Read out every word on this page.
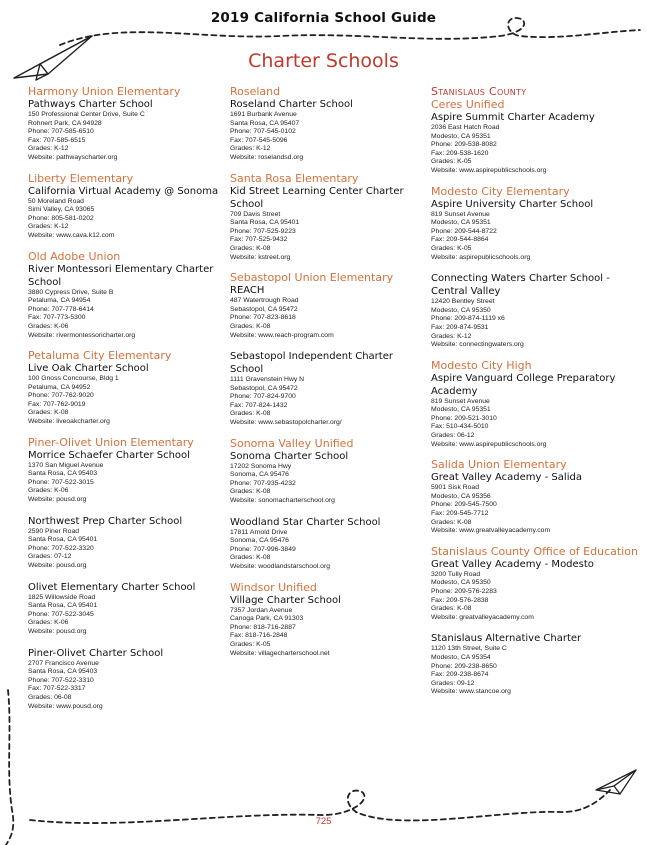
2019 California School Guide
Charter Schools
Harmony Union Elementary
Pathways Charter School
150 Professional Center Drive, Suite C
Rohnert Park, CA 94928
Phone: 707-585-6510
Fax: 707-585-6515
Grades: K-12
Website: pathwayscharter.org
Liberty Elementary
California Virtual Academy @ Sonoma
50 Moreland Road
Simi Valley, CA 93065
Phone: 805-581-0202
Grades: K-12
Website: www.cava.k12.com
Old Adobe Union
River Montessori Elementary Charter School
3880 Cypress Drive, Suite B
Petaluma, CA 94954
Phone: 707-778-6414
Fax: 707-773-5300
Grades: K-06
Website: rivermontessoricharter.org
Petaluma City Elementary
Live Oak Charter School
100 Gnoss Concourse, Bldg 1
Petaluma, CA 94952
Phone: 707-762-9020
Fax: 707-762-9019
Grades: K-08
Website: liveoakcharter.org
Piner-Olivet Union Elementary
Morrice Schaefer Charter School
1370 San Miguel Avenue
Santa Rosa, CA 95403
Phone: 707-522-3015
Grades: K-06
Website: pousd.org
Northwest Prep Charter School
2590 Piner Road
Santa Rosa, CA 95401
Phone: 707-522-3320
Grades: 07-12
Website: pousd.org
Olivet Elementary Charter School
1825 Willowside Road
Santa Rosa, CA 95401
Phone: 707-522-3045
Grades: K-06
Website: pousd.org
Piner-Olivet Charter School
2707 Francisco Avenue
Santa Rosa, CA 95403
Phone: 707-522-3310
Fax: 707-522-3317
Grades: 06-08
Website: www.pousd.org
Roseland
Roseland Charter School
1691 Burbank Avenue
Santa Rosa, CA 95407
Phone: 707-545-0102
Fax: 707-545-5096
Grades: K-12
Website: roselandsd.org
Santa Rosa Elementary
Kid Street Learning Center Charter School
709 Davis Street
Santa Rosa, CA 95401
Phone: 707-525-9223
Fax: 707-525-9432
Grades: K-08
Website: kstreet.org
Sebastopol Union Elementary
REACH
487 Watertrough Road
Sebastopol, CA 95472
Phone: 707-823-8618
Grades: K-08
Website: www.reach-program.com
Sebastopol Independent Charter School
1111 Gravenstein Hwy N
Sebastopol, CA 95472
Phone: 707-824-9700
Fax: 707-824-1432
Grades: K-08
Website: www.sebastopolcharter.org/
Sonoma Valley Unified
Sonoma Charter School
17202 Sonoma Hwy
Sonoma, CA 95476
Phone: 707-935-4232
Grades: K-08
Website: sonomacharterschool.org
Woodland Star Charter School
17811 Arnold Drive
Sonoma, CA 95476
Phone: 707-996-3849
Grades: K-08
Website: woodlandstarschool.org
Windsor Unified
Village Charter School
7357 Jordan Avenue
Canoga Park, CA 91303
Phone: 818-716-2887
Fax: 818-716-2848
Grades: K-05
Website: villagecharterschool.net
Stanislaus County
Ceres Unified
Aspire Summit Charter Academy
2036 East Hatch Road
Modesto, CA 95351
Phone: 209-538-8082
Fax: 209-538-1620
Grades: K-05
Website: www.aspirepublicschools.org
Modesto City Elementary
Aspire University Charter School
819 Sunset Avenue
Modesto, CA 95351
Phone: 209-544-8722
Fax: 209-544-8864
Grades: K-05
Website: aspirepublicschools.org
Connecting Waters Charter School - Central Valley
12420 Bentley Street
Modesto, CA 95350
Phone: 209-874-1119 x6
Fax: 209-874-9531
Grades: K-12
Website: connectingwaters.org
Modesto City High
Aspire Vanguard College Preparatory Academy
819 Sunset Avenue
Modesto, CA 95351
Phone: 209-521-3010
Fax: 510-434-5010
Grades: 06-12
Website: www.aspirepublicschools.org
Salida Union Elementary
Great Valley Academy - Salida
5901 Sisk Road
Modesto, CA 95356
Phone: 209-545-7500
Fax: 209-545-7712
Grades: K-08
Website: www.greatvalleyacademy.com
Stanislaus County Office of Education
Great Valley Academy - Modesto
3200 Tully Road
Modesto, CA 95350
Phone: 209-576-2283
Fax: 209-576-2838
Grades: K-08
Website: greatvalleyacademy.com
Stanislaus Alternative Charter
1120 13th Street, Suite C
Modesto, CA 95354
Phone: 209-238-8650
Fax: 209-238-8674
Grades: 09-12
Website: www.stancoe.org
725
